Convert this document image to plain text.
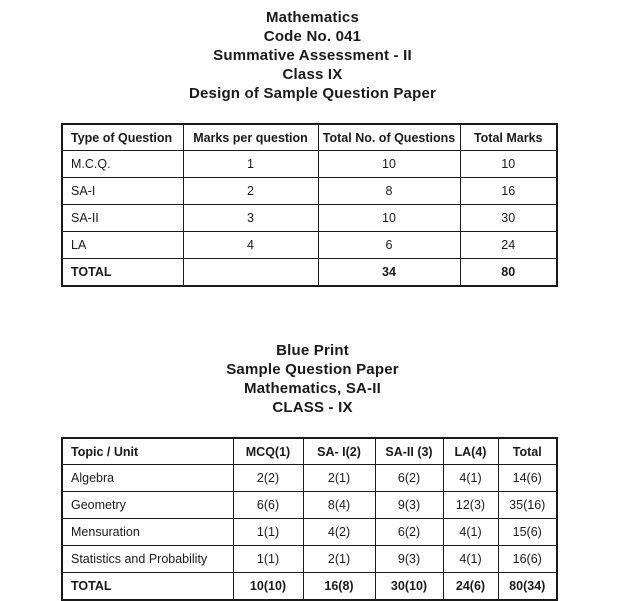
Mathematics
Code No. 041
Summative Assessment - II
Class IX
Design of Sample Question Paper
Type of Question	Marks per question	Total No. of Questions	Total Marks
M.C.Q.	1	10	10
SA-I	2	8	16
SA-II	3	10	30
LA	4	6	24
TOTAL		34	80
Blue Print
Sample Question Paper
Mathematics, SA-II
CLASS - IX
Topic / Unit	MCQ(1)	SA- I(2)	SA-II (3)	LA(4)	Total
Algebra	2(2)	2(1)	6(2)	4(1)	14(6)
Geometry	6(6)	8(4)	9(3)	12(3)	35(16)
Mensuration	1(1)	4(2)	6(2)	4(1)	15(6)
Statistics and Probability	1(1)	2(1)	9(3)	4(1)	16(6)
TOTAL	10(10)	16(8)	30(10)	24(6)	80(34)
